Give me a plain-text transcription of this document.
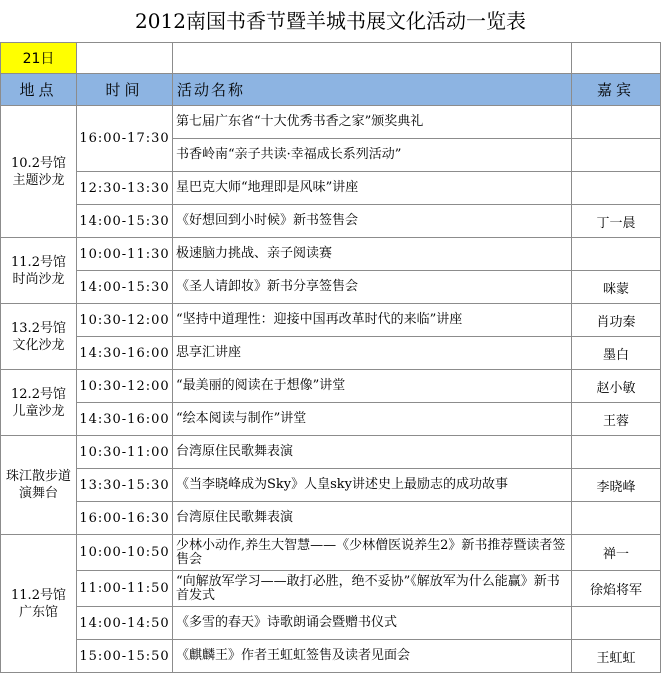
2012南国书香节暨羊城书展文化活动一览表
21日			
地点	时间	活动名称	嘉宾
10.2号馆 主题沙龙	16:00-17:30	第七届广东省“十大优秀书香之家”颁奖典礼	
		书香岭南“亲子共读·幸福成长系列活动”	
	12:30-13:30	星巴克大师“地理即是风味”讲座	
	14:00-15:30	《好想回到小时候》新书签售会	丁一晨
11.2号馆 时尚沙龙	10:00-11:30	极速脑力挑战、亲子阅读赛	
	14:00-15:30	《圣人请卸妆》新书分享签售会	咪蒙
13.2号馆 文化沙龙	10:30-12:00	“坚持中道理性：迎接中国再改革时代的来临”讲座	肖功秦
	14:30-16:00	思享汇讲座	墨白
12.2号馆 儿童沙龙	10:30-12:00	“最美丽的阅读在于想像”讲堂	赵小敏
	14:30-16:00	“绘本阅读与制作”讲堂	王蓉
珠江散步道 演舞台	10:30-11:00	台湾原住民歌舞表演	
	13:30-15:30	《当李晓峰成为Sky》人皇sky讲述史上最励志的成功故事	李晓峰
	16:00-16:30	台湾原住民歌舞表演	
11.2号馆 广东馆	10:00-10:50	少林小动作,养生大智慧——《少林僧医说养生2》新书推荐暨读者签售会	禅一
	11:00-11:50	“向解放军学习——敢打必胜，绝不妥协”《解放军为什么能赢》新书首发式	徐焰将军
	14:00-14:50	《多雪的春天》诗歌朗诵会暨赠书仪式	
	15:00-15:50	《麒麟王》作者王虹虹签售及读者见面会	王虹虹
